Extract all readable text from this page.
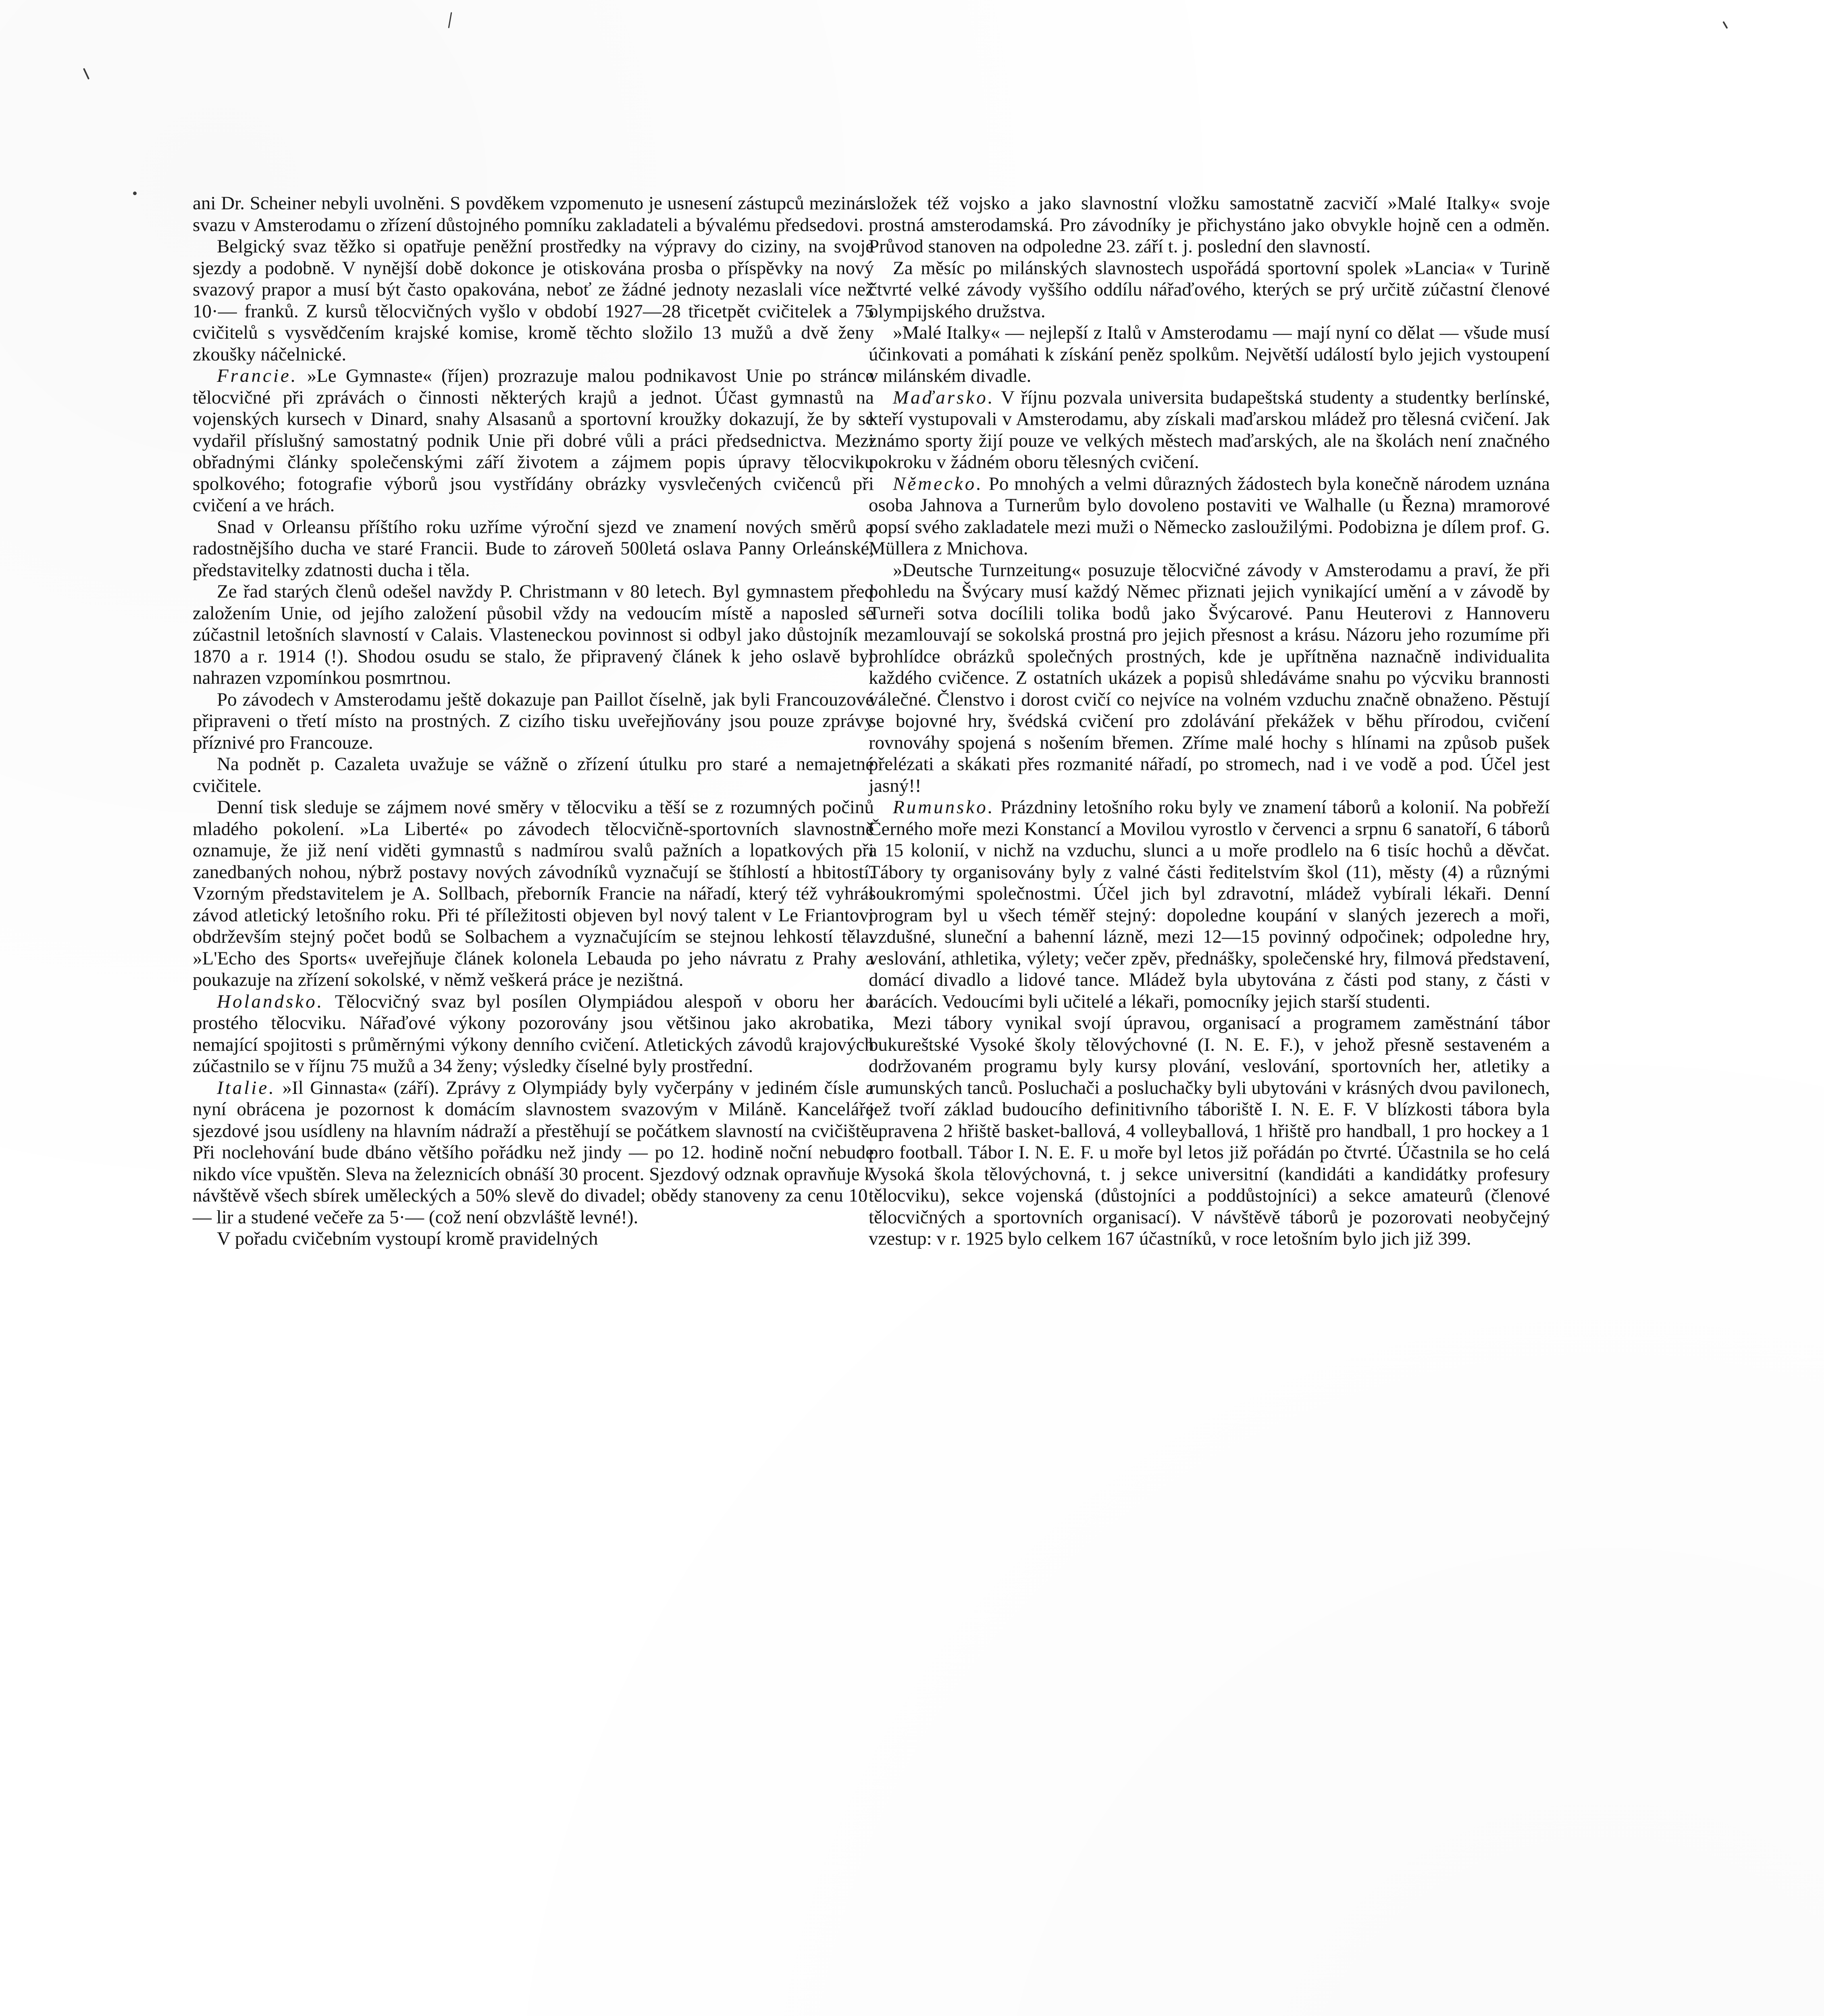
ani Dr. Scheiner nebyli uvolněni. S povděkem vzpomenuto je usnesení zástupců mezinár. svazu v Amsterodamu o zřízení důstojného pomníku zakladateli a bývalému předsedovi.

Belgický svaz těžko si opatřuje peněžní prostředky na výpravy do ciziny, na svoje sjezdy a podobně. V nynější době dokonce je otiskována prosba o příspěvky na nový svazový prapor a musí být často opakována, neboť ze žádné jednoty nezaslali více než 10·— franků. Z kursů tělocvičných vyšlo v období 1927—28 třicetpět cvičitelek a 75 cvičitelů s vysvědčením krajské komise, kromě těchto složilo 13 mužů a dvě ženy zkoušky náčelnické.

Francie. »Le Gymnaste« (říjen) prozrazuje malou podnikavost Unie po stránce tělocvičné při zprávách o činnosti některých krajů a jednot. Účast gymnastů na vojenských kursech v Dinard, snahy Alsasanů a sportovní kroužky dokazují, že by se vydařil příslušný samostatný podnik Unie při dobré vůli a práci předsednictva. Mezi obřadnými články společenskými září životem a zájmem popis úpravy tělocviku spolkového; fotografie výborů jsou vystřídány obrázky vysvlečených cvičenců při cvičení a ve hrách.

Snad v Orleansu příštího roku uzříme výroční sjezd ve znamení nových směrů a radostnějšího ducha ve staré Francii. Bude to zároveň 500letá oslava Panny Orleánské, představitelky zdatnosti ducha i těla.

Ze řad starých členů odešel navždy P. Christmann v 80 letech. Byl gymnastem před založením Unie, od jejího založení působil vždy na vedoucím místě a naposled se zúčastnil letošních slavností v Calais. Vlasteneckou povinnost si odbyl jako důstojník r. 1870 a r. 1914 (!). Shodou osudu se stalo, že připravený článek k jeho oslavě byl nahrazen vzpomínkou posmrtnou.

Po závodech v Amsterodamu ještě dokazuje pan Paillot číselně, jak byli Francouzové připraveni o třetí místo na prostných. Z cizího tisku uveřejňovány jsou pouze zprávy příznivé pro Francouze.

Na podnět p. Cazaleta uvažuje se vážně o zřízení útulku pro staré a nemajetné cvičitele.

Denní tisk sleduje se zájmem nové směry v tělocviku a těší se z rozumných počinů mladého pokolení. »La Liberté« po závodech tělocvičně-sportovních slavnostně oznamuje, že již není viděti gymnastů s nadmírou svalů pažních a lopatkových při zanedbaných nohou, nýbrž postavy nových závodníků vyznačují se štíhlostí a hbitostí. Vzorným představitelem je A. Sollbach, přeborník Francie na nářadí, který též vyhrál závod atletický letošního roku. Při té příležitosti objeven byl nový talent v Le Friantovi obdrževším stejný počet bodů se Solbachem a vyznačujícím se stejnou lehkostí těla. »L'Echo des Sports« uveřejňuje článek kolonela Lebauda po jeho návratu z Prahy a poukazuje na zřízení sokolské, v němž veškerá práce je nezištná.

Holandsko. Tělocvičný svaz byl posílen Olympiádou alespoň v oboru her a prostého tělocviku. Nářaďové výkony pozorovány jsou většinou jako akrobatika, nemající spojitosti s průměrnými výkony denního cvičení. Atletických závodů krajových zúčastnilo se v říjnu 75 mužů a 34 ženy; výsledky číselné byly prostřední.

Italie. »Il Ginnasta« (září). Zprávy z Olympiády byly vyčerpány v jediném čísle a nyní obrácena je pozornost k domácím slavnostem svazovým v Miláně. Kanceláře sjezdové jsou usídleny na hlavním nádraží a přestěhují se počátkem slavností na cvičiště. Při noclehování bude dbáno většího pořádku než jindy — po 12. hodině noční nebude nikdo více vpuštěn. Sleva na železnicích obnáší 30 procent. Sjezdový odznak opravňuje k návštěvě všech sbírek uměleckých a 50% slevě do divadel; obědy stanoveny za cenu 10·— lir a studené večeře za 5·— (což není obzvláště levné!).

V pořadu cvičebním vystoupí kromě pravidelných

složek též vojsko a jako slavnostní vložku samostatně zacvičí »Malé Italky« svoje prostná amsterodamská. Pro závodníky je přichystáno jako obvykle hojně cen a odměn. Průvod stanoven na odpoledne 23. září t. j. poslední den slavností.

Za měsíc po milánských slavnostech uspořádá sportovní spolek »Lancia« v Turině čtvrté velké závody vyššího oddílu nářaďového, kterých se prý určitě zúčastní členové olympijského družstva.

»Malé Italky« — nejlepší z Italů v Amsterodamu — mají nyní co dělat — všude musí účinkovati a pomáhati k získání peněz spolkům. Největší událostí bylo jejich vystoupení v milánském divadle.

Maďarsko. V říjnu pozvala universita budapeštská studenty a studentky berlínské, kteří vystupovali v Amsterodamu, aby získali maďarskou mládež pro tělesná cvičení. Jak známo sporty žijí pouze ve velkých městech maďarských, ale na školách není značného pokroku v žádném oboru tělesných cvičení.

Německo. Po mnohých a velmi důrazných žádostech byla konečně národem uznána osoba Jahnova a Turnerům bylo dovoleno postaviti ve Walhalle (u Řezna) mramorové popsí svého zakladatele mezi muži o Německo zasloužilými. Podobizna je dílem prof. G. Müllera z Mnichova.

»Deutsche Turnzeitung« posuzuje tělocvičné závody v Amsterodamu a praví, že při pohledu na Švýcary musí každý Němec přiznati jejich vynikající umění a v závodě by Turneři sotva docílili tolika bodů jako Švýcarové. Panu Heuterovi z Hannoveru nezamlouvají se sokolská prostná pro jejich přesnost a krásu. Názoru jeho rozumíme při prohlídce obrázků společných prostných, kde je upřítněna naznačně individualita každého cvičence. Z ostatních ukázek a popisů shledáváme snahu po výcviku brannosti válečné. Členstvo i dorost cvičí co nejvíce na volném vzduchu značně obnaženo. Pěstují se bojovné hry, švédská cvičení pro zdolávání překážek v běhu přírodou, cvičení rovnováhy spojená s nošením břemen. Zříme malé hochy s hlínami na způsob pušek přelézati a skákati přes rozmanité nářadí, po stromech, nad i ve vodě a pod. Účel jest jasný!!

Rumunsko. Prázdniny letošního roku byly ve znamení táborů a kolonií. Na pobřeží Černého moře mezi Konstancí a Movilou vyrostlo v červenci a srpnu 6 sanatoří, 6 táborů a 15 kolonií, v nichž na vzduchu, slunci a u moře prodlelo na 6 tisíc hochů a děvčat. Tábory ty organisovány byly z valné části ředitelstvím škol (11), městy (4) a různými soukromými společnostmi. Účel jich byl zdravotní, mládež vybírali lékaři. Denní program byl u všech téměř stejný: dopoledne koupání v slaných jezerech a moři, vzdušné, sluneční a bahenní lázně, mezi 12—15 povinný odpočinek; odpoledne hry, veslování, athletika, výlety; večer zpěv, přednášky, společenské hry, filmová představení, domácí divadlo a lidové tance. Mládež byla ubytována z části pod stany, z části v barácích. Vedoucími byli učitelé a lékaři, pomocníky jejich starší studenti.

Mezi tábory vynikal svojí úpravou, organisací a programem zaměstnání tábor bukureštské Vysoké školy tělovýchovné (I. N. E. F.), v jehož přesně sestaveném a dodržovaném programu byly kursy plování, veslování, sportovních her, atletiky a rumunských tanců. Posluchači a posluchačky byli ubytováni v krásných dvou pavilonech, jež tvoří základ budoucího definitivního táboriště I. N. E. F. V blízkosti tábora byla upravena 2 hřiště basket-ballová, 4 volleyballová, 1 hřiště pro handball, 1 pro hockey a 1 pro football. Tábor I. N. E. F. u moře byl letos již pořádán po čtvrté. Účastnila se ho celá Vysoká škola tělovýchovná, t. j sekce universitní (kandidáti a kandidátky profesury tělocviku), sekce vojenská (důstojníci a poddůstojníci) a sekce amateurů (členové tělocvičných a sportovních organisací). V návštěvě táborů je pozorovati neobyčejný vzestup: v r. 1925 bylo celkem 167 účastníků, v roce letošním bylo jich již 399.
